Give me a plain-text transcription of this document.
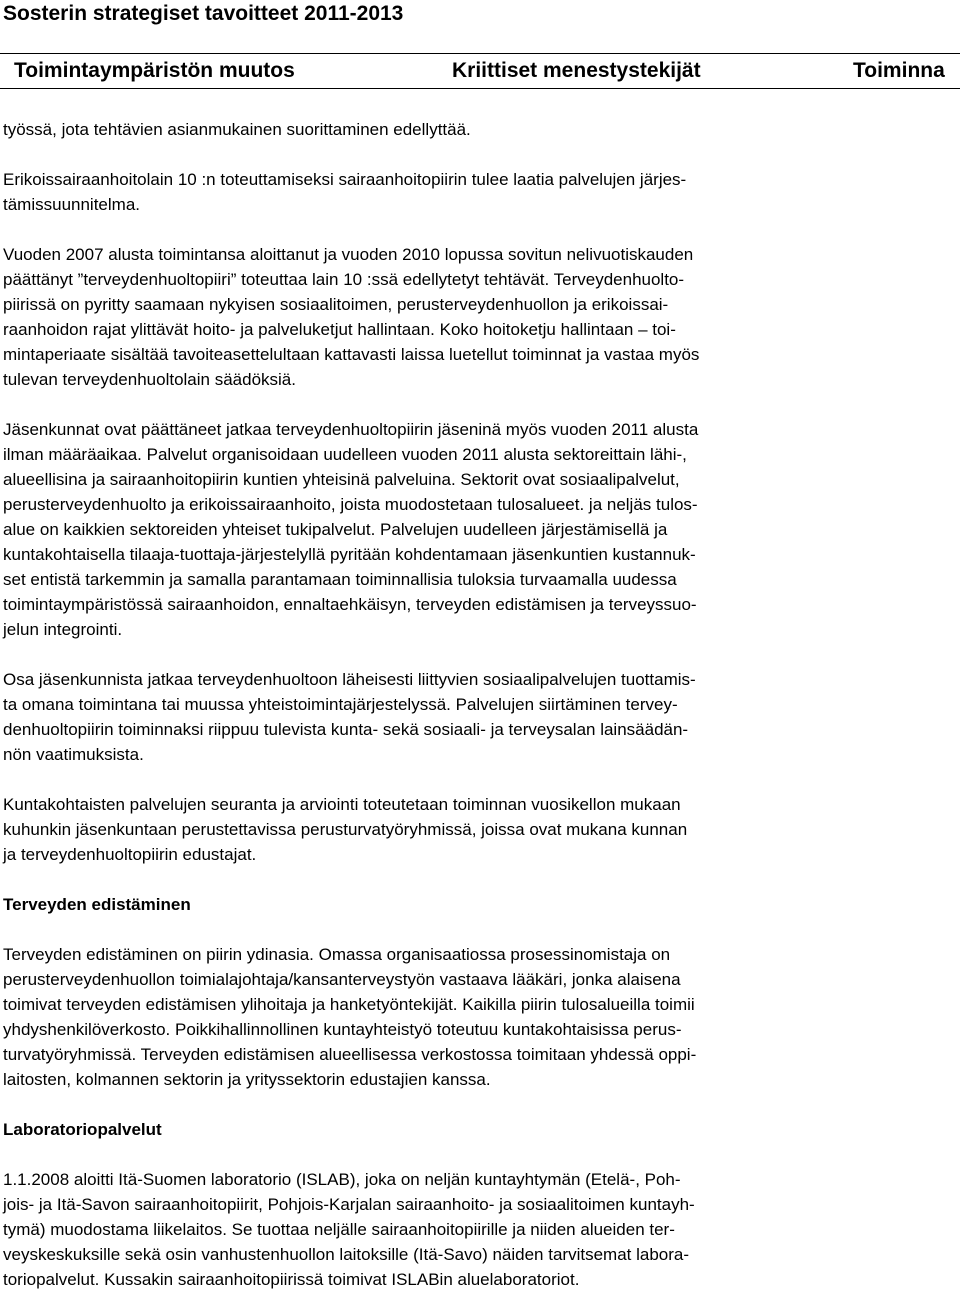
Sosterin strategiset tavoitteet 2011-2013
Toimintaympäristön muutos	Kriittiset menestystekijät	Toiminna
työssä, jota tehtävien asianmukainen suorittaminen edellyttää.
Erikoissairaanhoitolain 10 :n toteuttamiseksi sairaanhoitopiirin tulee laatia palvelujen järjes-
tämissuunnitelma.
Vuoden 2007 alusta toimintansa aloittanut ja vuoden 2010 lopussa sovitun nelivuotiskauden
päättänyt ”terveydenhuoltopiiri” toteuttaa lain 10 :ssä edellytetyt tehtävät. Terveydenhuolto-
piirissä on pyritty saamaan nykyisen sosiaalitoimen, perusterveydenhuollon ja erikoissai-
raanhoidon rajat ylittävät hoito- ja palveluketjut hallintaan. Koko hoitoketju hallintaan – toi-
mintaperiaate sisältää tavoiteasettelultaan kattavasti laissa luetellut toiminnat ja vastaa myös
tulevan terveydenhuoltolain säädöksiä.
Jäsenkunnat ovat päättäneet jatkaa terveydenhuoltopiirin jäseninä myös vuoden 2011 alusta
ilman määräaikaa. Palvelut organisoidaan uudelleen vuoden 2011 alusta sektoreittain lähi-,
alueellisina ja sairaanhoitopiirin kuntien yhteisinä palveluina. Sektorit ovat sosiaalipalvelut,
perusterveydenhuolto ja erikoissairaanhoito, joista muodostetaan tulosalueet. ja neljäs tulos-
alue on kaikkien sektoreiden yhteiset tukipalvelut. Palvelujen uudelleen järjestämisellä ja
kuntakohtaisella tilaaja-tuottaja-järjestelyllä pyritään kohdentamaan jäsenkuntien kustannuk-
set entistä tarkemmin ja samalla parantamaan toiminnallisia tuloksia turvaamalla uudessa
toimintaympäristössä sairaanhoidon, ennaltaehkäisyn, terveyden edistämisen ja terveyssuo-
jelun integrointi.
Osa jäsenkunnista jatkaa terveydenhuoltoon läheisesti liittyvien sosiaalipalvelujen tuottamis-
ta omana toimintana tai muussa yhteistoimintajärjestelyssä. Palvelujen siirtäminen tervey-
denhuoltopiirin toiminnaksi riippuu tulevista kunta- sekä sosiaali- ja terveysalan lainsäädän-
nön vaatimuksista.
Kuntakohtaisten palvelujen seuranta ja arviointi toteutetaan toiminnan vuosikellon mukaan
kuhunkin jäsenkuntaan perustettavissa perusturvatyöryhmissä, joissa ovat mukana kunnan
ja terveydenhuoltopiirin edustajat.
Terveyden edistäminen
Terveyden edistäminen on piirin ydinasia. Omassa organisaatiossa prosessinomistaja on
perusterveydenhuollon toimialajohtaja/kansanterveystyön vastaava lääkäri, jonka alaisena
toimivat terveyden edistämisen ylihoitaja ja hanketyöntekijät. Kaikilla piirin tulosalueilla toimii
yhdyshenkilöverkosto. Poikkihallinnollinen kuntayhteistyö toteutuu kuntakohtaisissa perus-
turvatyöryhmissä. Terveyden edistämisen alueellisessa verkostossa toimitaan yhdessä oppi-
laitosten, kolmannen sektorin ja yrityssektorin edustajien kanssa.
Laboratoriopalvelut
1.1.2008 aloitti Itä-Suomen laboratorio (ISLAB), joka on neljän kuntayhtymän (Etelä-, Poh-
jois- ja Itä-Savon sairaanhoitopiirit, Pohjois-Karjalan sairaanhoito- ja sosiaalitoimen kuntayh-
tymä) muodostama liikelaitos. Se tuottaa neljälle sairaanhoitopiirille ja niiden alueiden ter-
veyskeskuksille sekä osin vanhustenhuollon laitoksille (Itä-Savo) näiden tarvitsemat labora-
toriopalvelut. Kussakin sairaanhoitopiirissä toimivat ISLABin aluelaboratoriot.
